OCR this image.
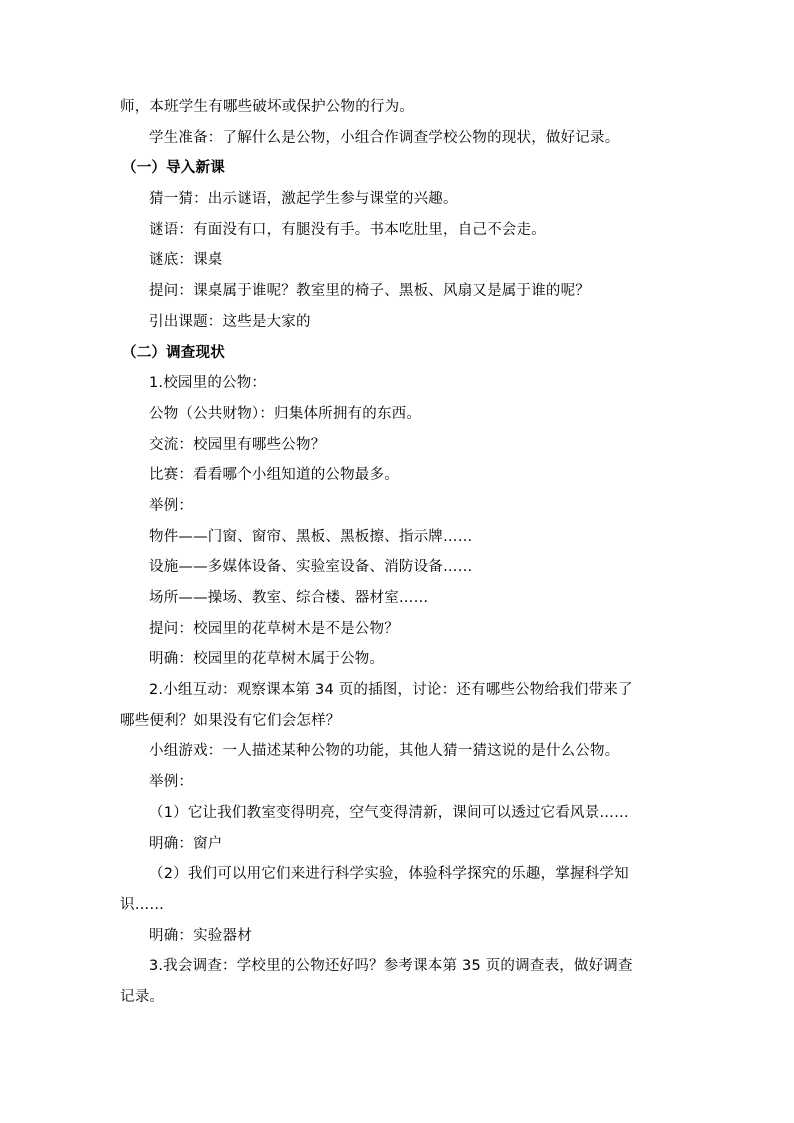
师，本班学生有哪些破坏或保护公物的行为。
学生准备：了解什么是公物，小组合作调查学校公物的现状，做好记录。
（一）导入新课
猜一猜：出示谜语，激起学生参与课堂的兴趣。
谜语：有面没有口，有腿没有手。书本吃肚里，自己不会走。
谜底：课桌
提问：课桌属于谁呢？教室里的椅子、黑板、风扇又是属于谁的呢？
引出课题：这些是大家的
（二）调查现状
1.校园里的公物：
公物（公共财物）：归集体所拥有的东西。
交流：校园里有哪些公物？
比赛：看看哪个小组知道的公物最多。
举例：
物件——门窗、窗帘、黑板、黑板擦、指示牌……
设施——多媒体设备、实验室设备、消防设备……
场所——操场、教室、综合楼、器材室……
提问：校园里的花草树木是不是公物？
明确：校园里的花草树木属于公物。
2.小组互动：观察课本第 34 页的插图，讨论：还有哪些公物给我们带来了
哪些便利？如果没有它们会怎样？
小组游戏：一人描述某种公物的功能，其他人猜一猜这说的是什么公物。
举例：
（1）它让我们教室变得明亮，空气变得清新，课间可以透过它看风景……
明确：窗户
（2）我们可以用它们来进行科学实验，体验科学探究的乐趣，掌握科学知
识……
明确：实验器材
3.我会调查：学校里的公物还好吗？参考课本第 35 页的调查表，做好调查
记录。
